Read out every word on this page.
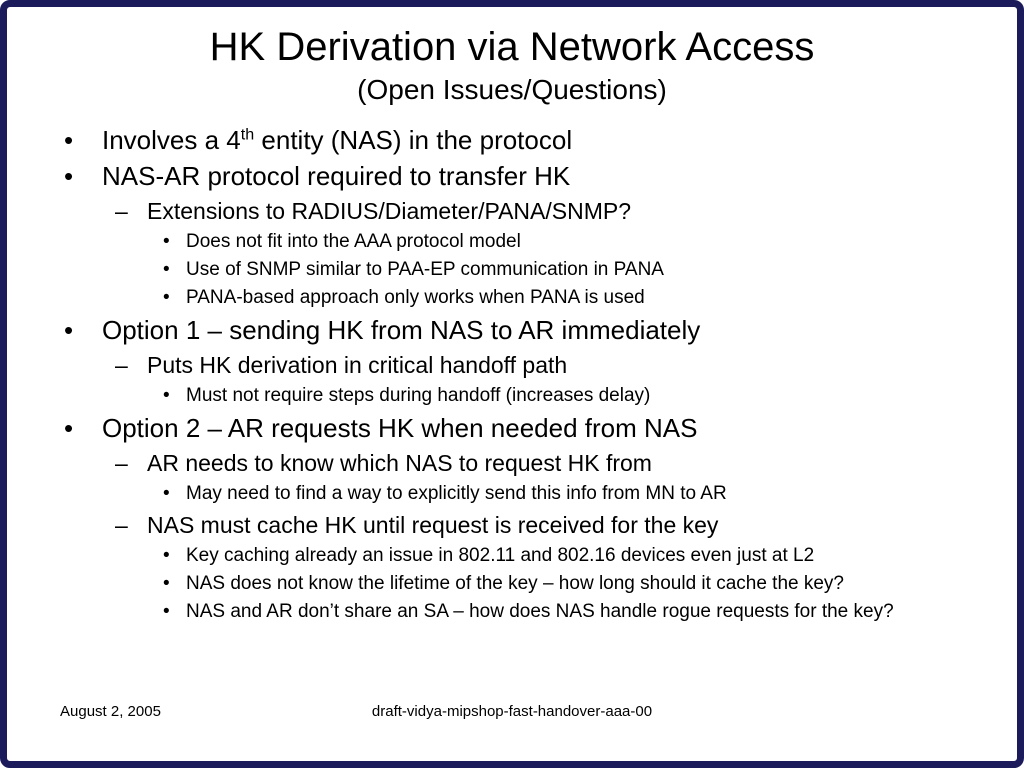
HK Derivation via Network Access
(Open Issues/Questions)
•	Involves a 4th entity (NAS) in the protocol
•	NAS-AR protocol required to transfer HK
– Extensions to RADIUS/Diameter/PANA/SNMP?
• Does not fit into the AAA protocol model
• Use of SNMP similar to PAA-EP communication in PANA
• PANA-based approach only works when PANA is used
•	Option 1 – sending HK from NAS to AR immediately
– Puts HK derivation in critical handoff path
• Must not require steps during handoff (increases delay)
•	Option 2 – AR requests HK when needed from NAS
– AR needs to know which NAS to request HK from
• May need to find a way to explicitly send this info from MN to AR
– NAS must cache HK until request is received for the key
• Key caching already an issue in 802.11 and 802.16 devices even just at L2
• NAS does not know the lifetime of the key – how long should it cache the key?
• NAS and AR don’t share an SA – how does NAS handle rogue requests for the key?
August 2, 2005	draft-vidya-mipshop-fast-handover-aaa-00
